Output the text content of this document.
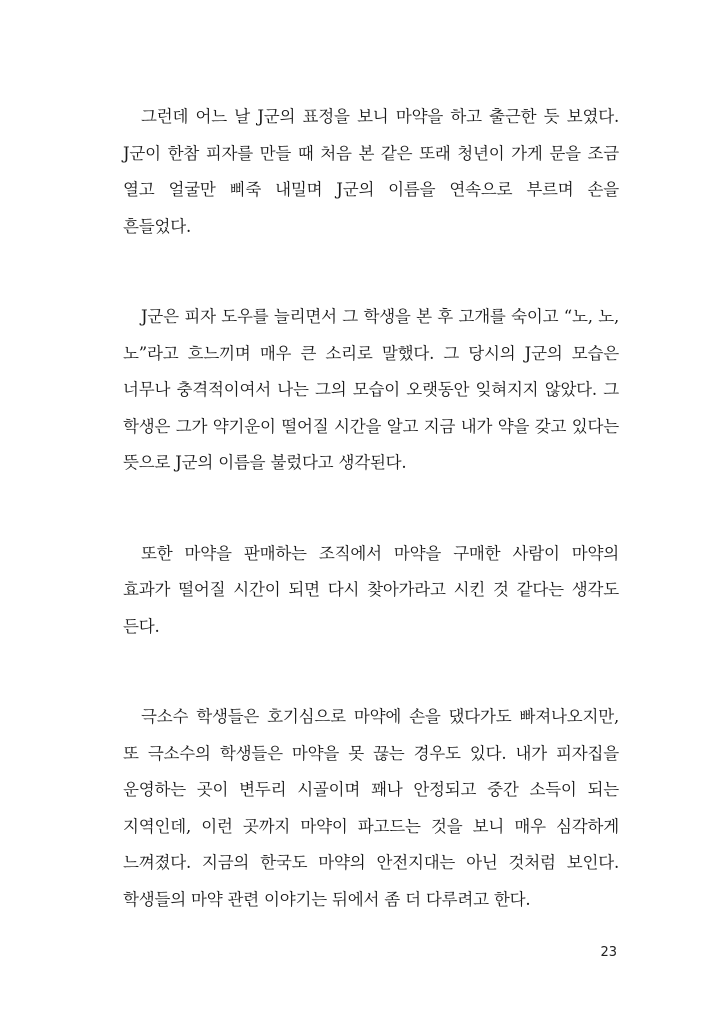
그런데 어느 날 J군의 표정을 보니 마약을 하고 출근한 듯 보였다. J군이 한참 피자를 만들 때 처음 본 같은 또래 청년이 가게 문을 조금 열고 얼굴만 삐죽 내밀며 J군의 이름을 연속으로 부르며 손을 흔들었다.

J군은 피자 도우를 늘리면서 그 학생을 본 후 고개를 숙이고 “노, 노, 노”라고 흐느끼며 매우 큰 소리로 말했다. 그 당시의 J군의 모습은 너무나 충격적이여서 나는 그의 모습이 오랫동안 잊혀지지 않았다. 그 학생은 그가 약기운이 떨어질 시간을 알고 지금 내가 약을 갖고 있다는 뜻으로 J군의 이름을 불렀다고 생각된다.

또한 마약을 판매하는 조직에서 마약을 구매한 사람이 마약의 효과가 떨어질 시간이 되면 다시 찾아가라고 시킨 것 같다는 생각도 든다.

극소수 학생들은 호기심으로 마약에 손을 댔다가도 빠져나오지만, 또 극소수의 학생들은 마약을 못 끊는 경우도 있다. 내가 피자집을 운영하는 곳이 변두리 시골이며 꽤나 안정되고 중간 소득이 되는 지역인데, 이런 곳까지 마약이 파고드는 것을 보니 매우 심각하게 느껴졌다. 지금의 한국도 마약의 안전지대는 아닌 것처럼 보인다. 학생들의 마약 관련 이야기는 뒤에서 좀 더 다루려고 한다.

23
